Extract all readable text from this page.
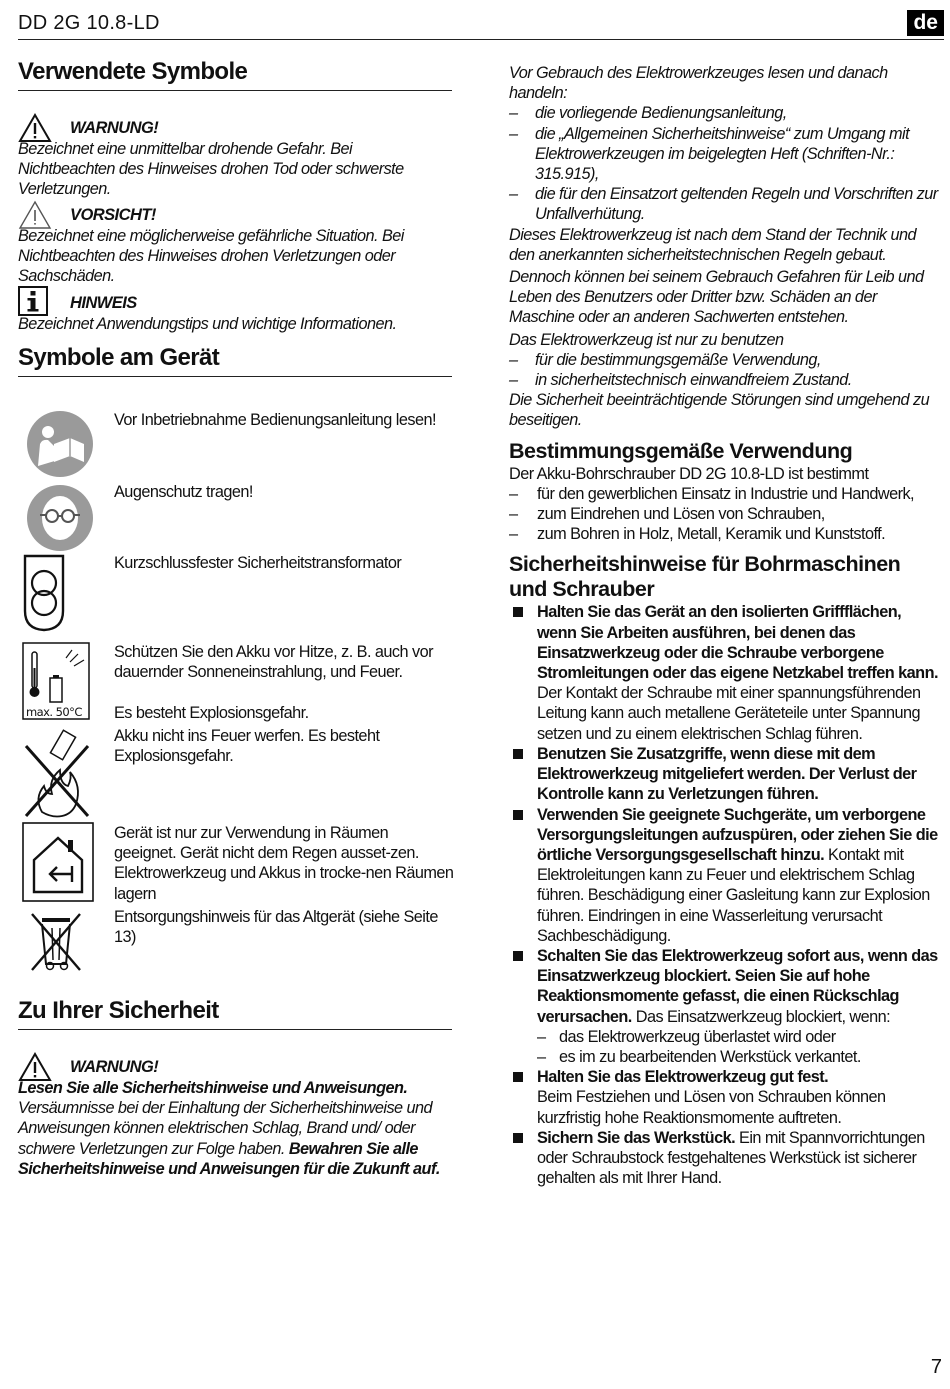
DD 2G 10.8-LD	de
Verwendete Symbole
WARNUNG!
Bezeichnet eine unmittelbar drohende Gefahr. Bei Nichtbeachten des Hinweises drohen Tod oder schwerste Verletzungen.
VORSICHT!
Bezeichnet eine möglicherweise gefährliche Situation. Bei Nichtbeachten des Hinweises drohen Verletzungen oder Sachschäden.
HINWEIS
Bezeichnet Anwendungstips und wichtige Informationen.
Symbole am Gerät
max. 50°C
Vor Inbetriebnahme Bedienungsanleitung lesen!
Augenschutz tragen!
Kurzschlussfester Sicherheitstransformator
Schützen Sie den Akku vor Hitze, z. B. auch vor dauernder Sonneneinstrahlung, und Feuer.
Es besteht Explosionsgefahr.
Akku nicht ins Feuer werfen. Es besteht Explosionsgefahr.
Gerät ist nur zur Verwendung in Räumen geeignet. Gerät nicht dem Regen ausset-zen. Elektrowerkzeug und Akkus in trocke-nen Räumen lagern
Entsorgungshinweis für das Altgerät (siehe Seite 13)
Zu Ihrer Sicherheit
WARNUNG!
Lesen Sie alle Sicherheitshinweise und Anweisungen. Versäumnisse bei der Einhaltung der Sicherheitshinweise und Anweisungen können elektrischen Schlag, Brand und/ oder schwere Verletzungen zur Folge haben. Bewahren Sie alle Sicherheitshinweise und Anweisungen für die Zukunft auf.
Vor Gebrauch des Elektrowerkzeuges lesen und danach handeln:
– die vorliegende Bedienungsanleitung,
– die „Allgemeinen Sicherheitshinweise“ zum Umgang mit Elektrowerkzeugen im beigelegten Heft (Schriften-Nr.: 315.915),
– die für den Einsatzort geltenden Regeln und Vorschriften zur Unfallverhütung.
Dieses Elektrowerkzeug ist nach dem Stand der Technik und den anerkannten sicherheitstechnischen Regeln gebaut.
Dennoch können bei seinem Gebrauch Gefahren für Leib und Leben des Benutzers oder Dritter bzw. Schäden an der Maschine oder an anderen Sachwerten entstehen.
Das Elektrowerkzeug ist nur zu benutzen
– für die bestimmungsgemäße Verwendung,
– in sicherheitstechnisch einwandfreiem Zustand.
Die Sicherheit beeinträchtigende Störungen sind umgehend zu beseitigen.
Bestimmungsgemäße Verwendung
Der Akku-Bohrschrauber DD 2G 10.8-LD ist bestimmt
– für den gewerblichen Einsatz in Industrie und Handwerk,
– zum Eindrehen und Lösen von Schrauben,
– zum Bohren in Holz, Metall, Keramik und Kunststoff.
Sicherheitshinweise für Bohrmaschinen und Schrauber
Halten Sie das Gerät an den isolierten Griffflächen, wenn Sie Arbeiten ausführen, bei denen das Einsatzwerkzeug oder die Schraube verborgene Stromleitungen oder das eigene Netzkabel treffen kann. Der Kontakt der Schraube mit einer spannungsführenden Leitung kann auch metallene Geräteteile unter Spannung setzen und zu einem elektrischen Schlag führen.
Benutzen Sie Zusatzgriffe, wenn diese mit dem Elektrowerkzeug mitgeliefert werden. Der Verlust der Kontrolle kann zu Verletzungen führen.
Verwenden Sie geeignete Suchgeräte, um verborgene Versorgungsleitungen aufzuspüren, oder ziehen Sie die örtliche Versorgungsgesellschaft hinzu. Kontakt mit Elektroleitungen kann zu Feuer und elektrischem Schlag führen. Beschädigung einer Gasleitung kann zur Explosion führen. Eindringen in eine Wasserleitung verursacht Sachbeschädigung.
Schalten Sie das Elektrowerkzeug sofort aus, wenn das Einsatzwerkzeug blockiert. Seien Sie auf hohe Reaktionsmomente gefasst, die einen Rückschlag verursachen. Das Einsatzwerkzeug blockiert, wenn:
– das Elektrowerkzeug überlastet wird oder
– es im zu bearbeitenden Werkstück verkantet.
Halten Sie das Elektrowerkzeug gut fest.
Beim Festziehen und Lösen von Schrauben können kurzfristig hohe Reaktionsmomente auftreten.
Sichern Sie das Werkstück. Ein mit Spannvorrichtungen oder Schraubstock festgehaltenes Werkstück ist sicherer gehalten als mit Ihrer Hand.
7
